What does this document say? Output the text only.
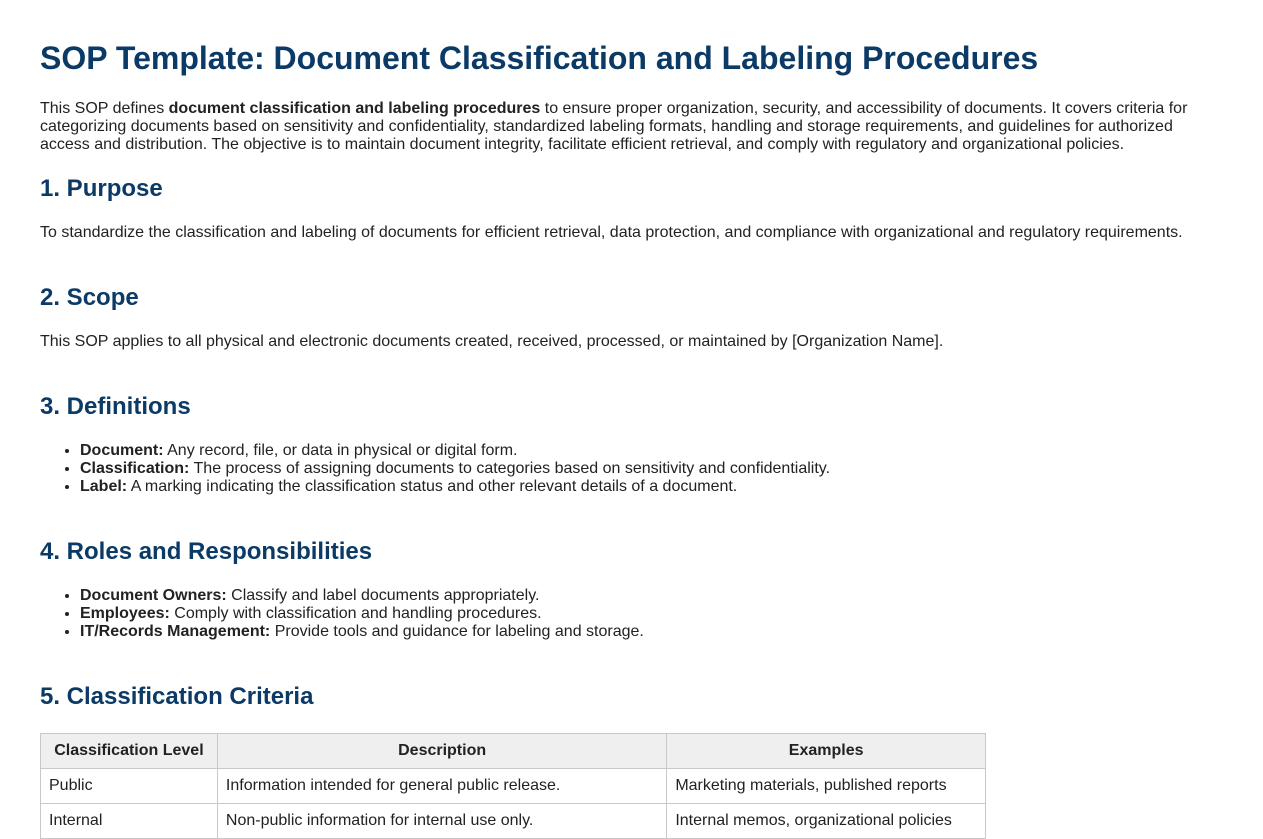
SOP Template: Document Classification and Labeling Procedures

This SOP defines document classification and labeling procedures to ensure proper organization, security, and accessibility of documents. It covers criteria for categorizing documents based on sensitivity and confidentiality, standardized labeling formats, handling and storage requirements, and guidelines for authorized access and distribution. The objective is to maintain document integrity, facilitate efficient retrieval, and comply with regulatory and organizational policies.

1. Purpose

To standardize the classification and labeling of documents for efficient retrieval, data protection, and compliance with organizational and regulatory requirements.

2. Scope

This SOP applies to all physical and electronic documents created, received, processed, or maintained by [Organization Name].

3. Definitions
• Document: Any record, file, or data in physical or digital form.
• Classification: The process of assigning documents to categories based on sensitivity and confidentiality.
• Label: A marking indicating the classification status and other relevant details of a document.
4. Roles and Responsibilities
• Document Owners: Classify and label documents appropriately.
• Employees: Comply with classification and handling procedures.
• IT/Records Management: Provide tools and guidance for labeling and storage.
5. Classification Criteria
Classification Level	Description	Examples
Public	Information intended for general public release.	Marketing materials, published reports
Internal	Non-public information for internal use only.	Internal memos, organizational policies
